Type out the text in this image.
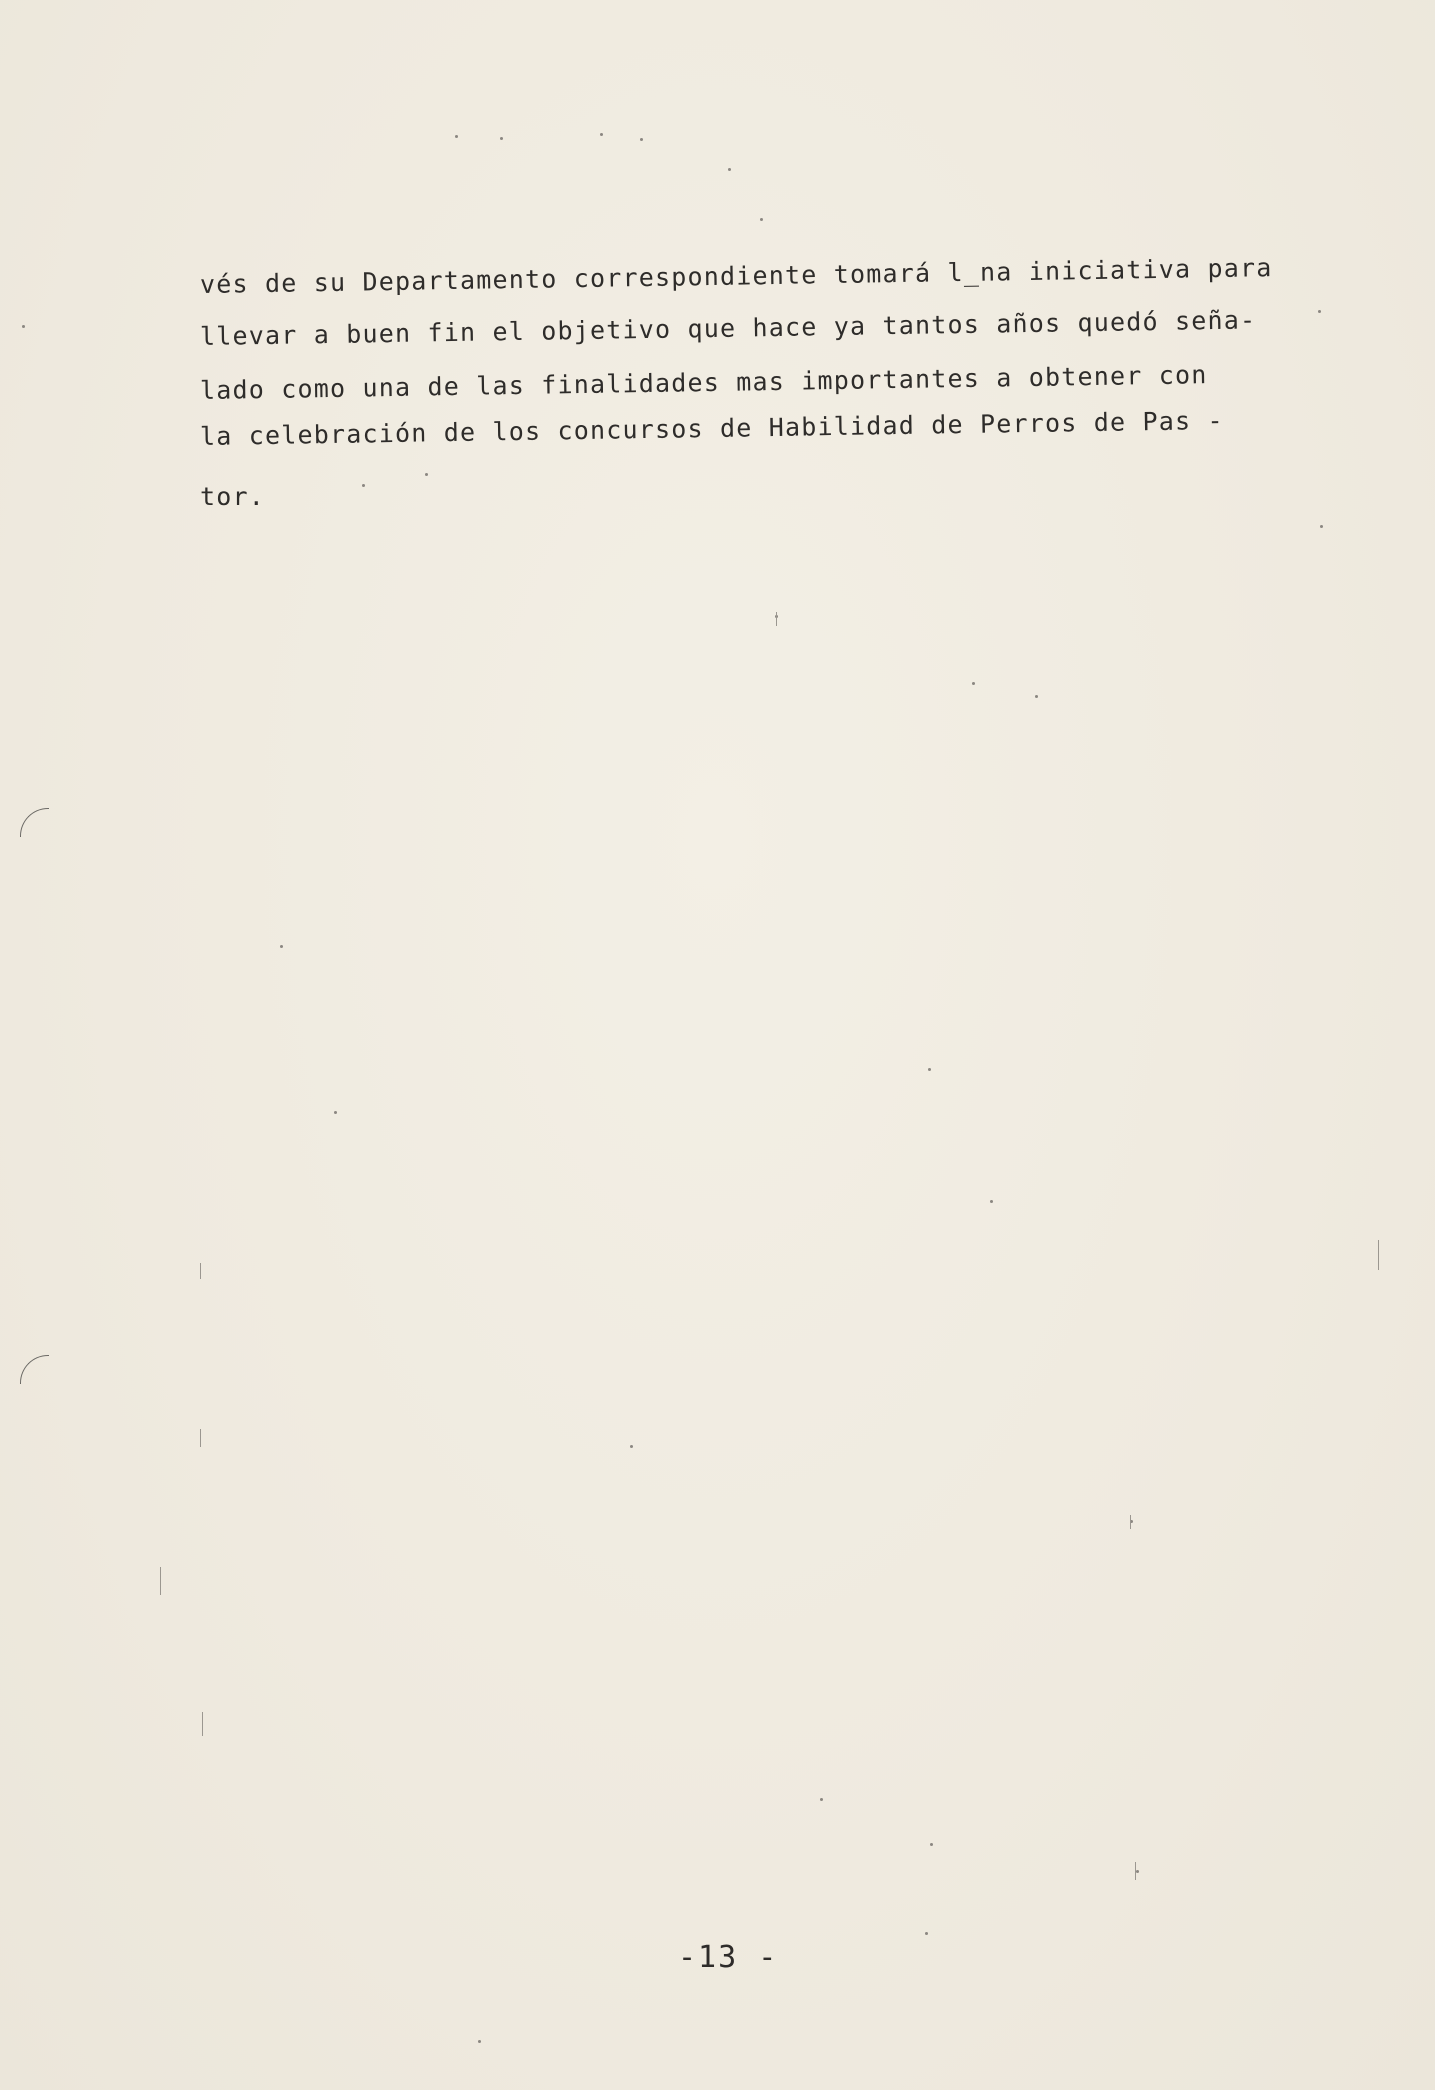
vés de su Departamento correspondiente tomará l_na iniciativa para
llevar a buen fin el objetivo que hace ya tantos años quedó seña-
lado como una de las finalidades mas importantes a obtener con
la celebración de los concursos de Habilidad de Perros de Pas -
tor.
-13 -
